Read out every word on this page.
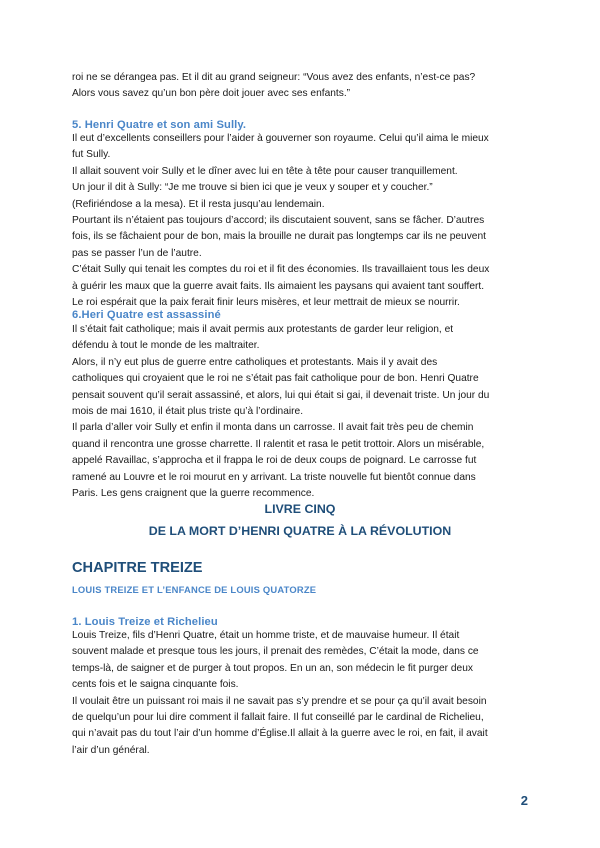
roi ne se dérangea pas. Et il dit au grand seigneur: “Vous avez des enfants, n’est-ce pas?

Alors vous savez qu’un bon père doit jouer avec ses enfants.”

5. Henri Quatre et son ami Sully.

Il eut d’excellents conseillers pour l’aider à gouverner son royaume. Celui qu’il aima le mieux

fut Sully.

Il allait souvent voir Sully et le dîner avec lui en tête à tête pour causer tranquillement.

Un jour il dit à Sully: “Je me trouve si bien ici que je veux y souper et y coucher.”

(Refiriéndose a la mesa). Et il resta jusqu’au lendemain.

Pourtant ils n’étaient pas toujours d’accord; ils discutaient souvent, sans se fâcher. D’autres

fois, ils se fâchaient pour de bon, mais la brouille ne durait pas longtemps car ils ne peuvent

pas se passer l’un de l’autre.

C’était Sully qui tenait les comptes du roi et il fit des économies. Ils travaillaient tous les deux

à guérir les maux que la guerre avait faits. Ils aimaient les paysans qui avaient tant souffert.

Le roi espérait que la paix ferait finir leurs misères, et leur mettrait de mieux se nourrir.

6.Heri Quatre est assassiné

Il s’était fait catholique; mais il avait permis aux protestants de garder leur religion, et

défendu à tout le monde de les maltraiter.

Alors, il n’y eut plus de guerre entre catholiques et protestants. Mais il y avait des

catholiques qui croyaient que le roi ne s’était pas fait catholique pour de bon. Henri Quatre

pensait souvent qu’il serait assassiné, et alors, lui qui était si gai, il devenait triste. Un jour du

mois de mai 1610, il était plus triste qu’à l’ordinaire.

Il parla d’aller voir Sully et enfin il monta dans un carrosse. Il avait fait très peu de chemin

quand il rencontra une grosse charrette. Il ralentit et rasa le petit trottoir. Alors un misérable,

appelé Ravaillac, s’approcha et il frappa le roi de deux coups de poignard. Le carrosse fut

ramené au Louvre et le roi mourut en y arrivant. La triste nouvelle fut bientôt connue dans

Paris. Les gens craignent que la guerre recommence.

LIVRE CINQ

DE LA MORT D’HENRI QUATRE À LA RÉVOLUTION

CHAPITRE TREIZE

LOUIS TREIZE ET L’ENFANCE DE LOUIS QUATORZE

1. Louis Treize et Richelieu

Louis Treize, fils d’Henri Quatre, était un homme triste, et de mauvaise humeur. Il était

souvent malade et presque tous les jours, il prenait des remèdes, C’était la mode, dans ce

temps-là, de saigner et de purger à tout propos. En un an, son médecin le fit purger deux

cents fois et le saigna cinquante fois.

Il voulait être un puissant roi mais il ne savait pas s’y prendre et se pour ça qu’il avait besoin

de quelqu’un pour lui dire comment il fallait faire. Il fut conseillé par le cardinal de Richelieu,

qui n’avait pas du tout l’air d’un homme d’Église.Il allait à la guerre avec le roi, en fait, il avait

l’air d’un général.

2
